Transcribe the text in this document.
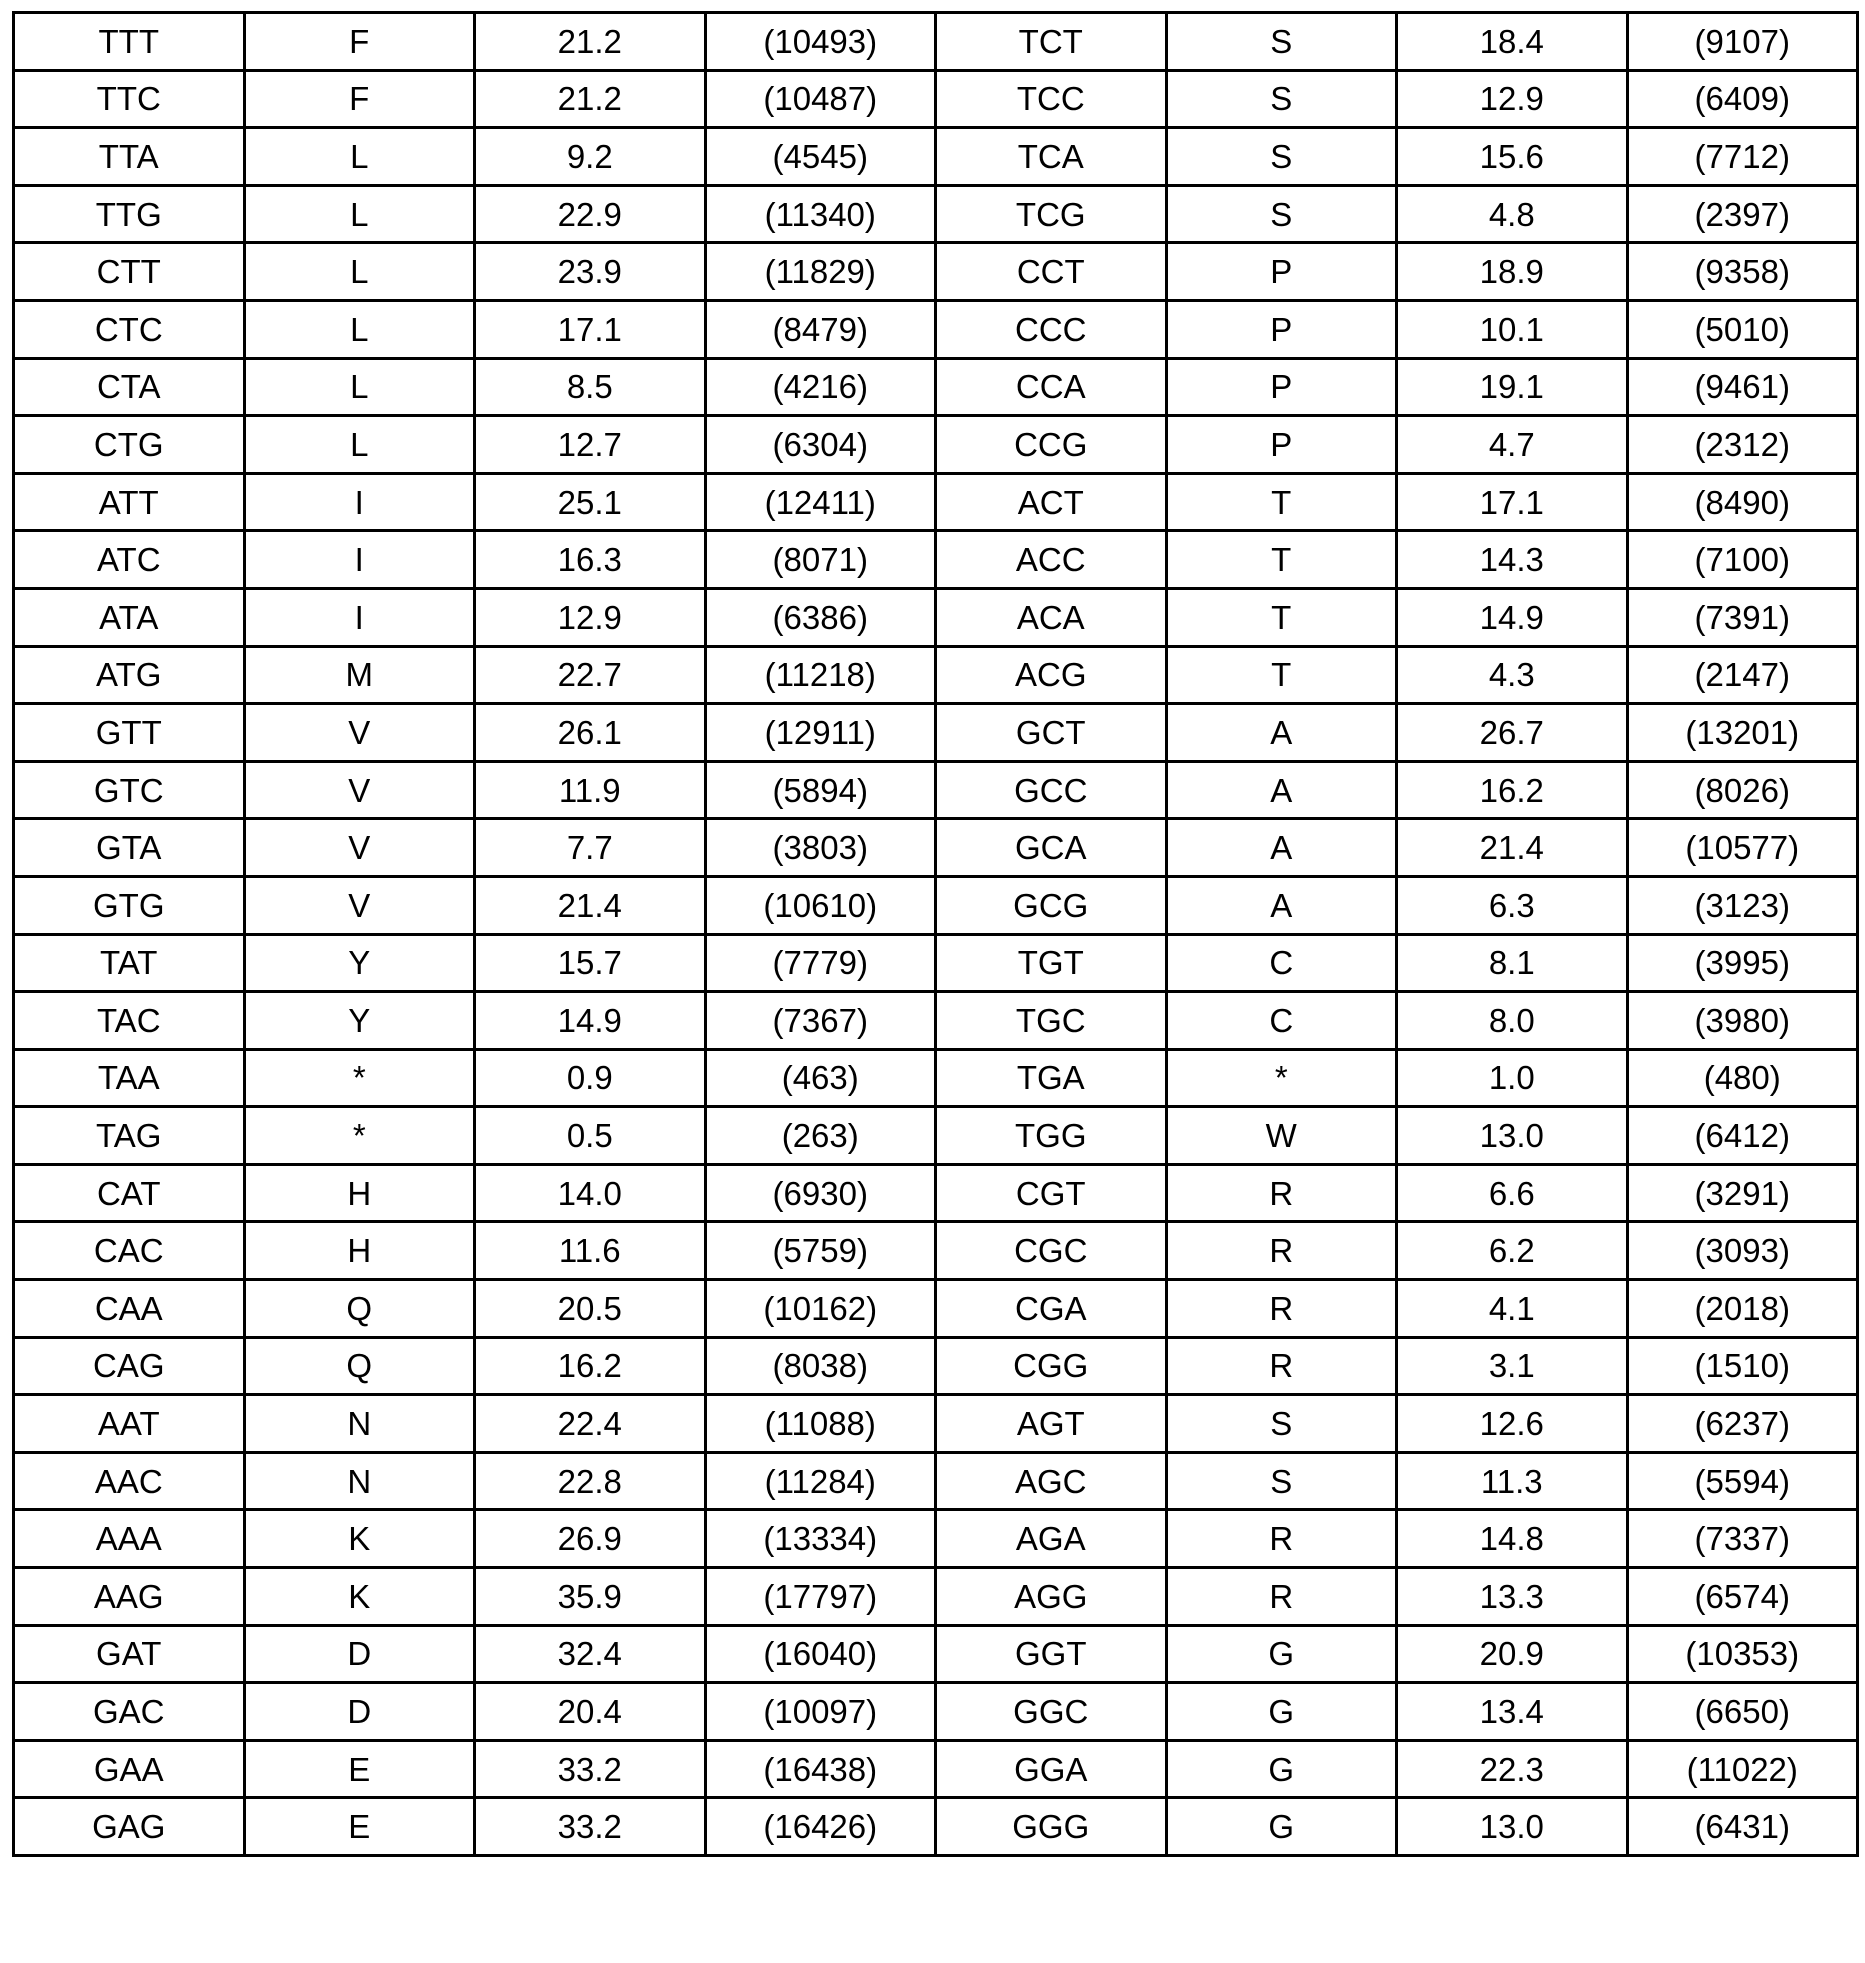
TTT	F	21.2	(10493)	TCT	S	18.4	(9107)
TTC	F	21.2	(10487)	TCC	S	12.9	(6409)
TTA	L	9.2	(4545)	TCA	S	15.6	(7712)
TTG	L	22.9	(11340)	TCG	S	4.8	(2397)
CTT	L	23.9	(11829)	CCT	P	18.9	(9358)
CTC	L	17.1	(8479)	CCC	P	10.1	(5010)
CTA	L	8.5	(4216)	CCA	P	19.1	(9461)
CTG	L	12.7	(6304)	CCG	P	4.7	(2312)
ATT	I	25.1	(12411)	ACT	T	17.1	(8490)
ATC	I	16.3	(8071)	ACC	T	14.3	(7100)
ATA	I	12.9	(6386)	ACA	T	14.9	(7391)
ATG	M	22.7	(11218)	ACG	T	4.3	(2147)
GTT	V	26.1	(12911)	GCT	A	26.7	(13201)
GTC	V	11.9	(5894)	GCC	A	16.2	(8026)
GTA	V	7.7	(3803)	GCA	A	21.4	(10577)
GTG	V	21.4	(10610)	GCG	A	6.3	(3123)
TAT	Y	15.7	(7779)	TGT	C	8.1	(3995)
TAC	Y	14.9	(7367)	TGC	C	8.0	(3980)
TAA	*	0.9	(463)	TGA	*	1.0	(480)
TAG	*	0.5	(263)	TGG	W	13.0	(6412)
CAT	H	14.0	(6930)	CGT	R	6.6	(3291)
CAC	H	11.6	(5759)	CGC	R	6.2	(3093)
CAA	Q	20.5	(10162)	CGA	R	4.1	(2018)
CAG	Q	16.2	(8038)	CGG	R	3.1	(1510)
AAT	N	22.4	(11088)	AGT	S	12.6	(6237)
AAC	N	22.8	(11284)	AGC	S	11.3	(5594)
AAA	K	26.9	(13334)	AGA	R	14.8	(7337)
AAG	K	35.9	(17797)	AGG	R	13.3	(6574)
GAT	D	32.4	(16040)	GGT	G	20.9	(10353)
GAC	D	20.4	(10097)	GGC	G	13.4	(6650)
GAA	E	33.2	(16438)	GGA	G	22.3	(11022)
GAG	E	33.2	(16426)	GGG	G	13.0	(6431)
